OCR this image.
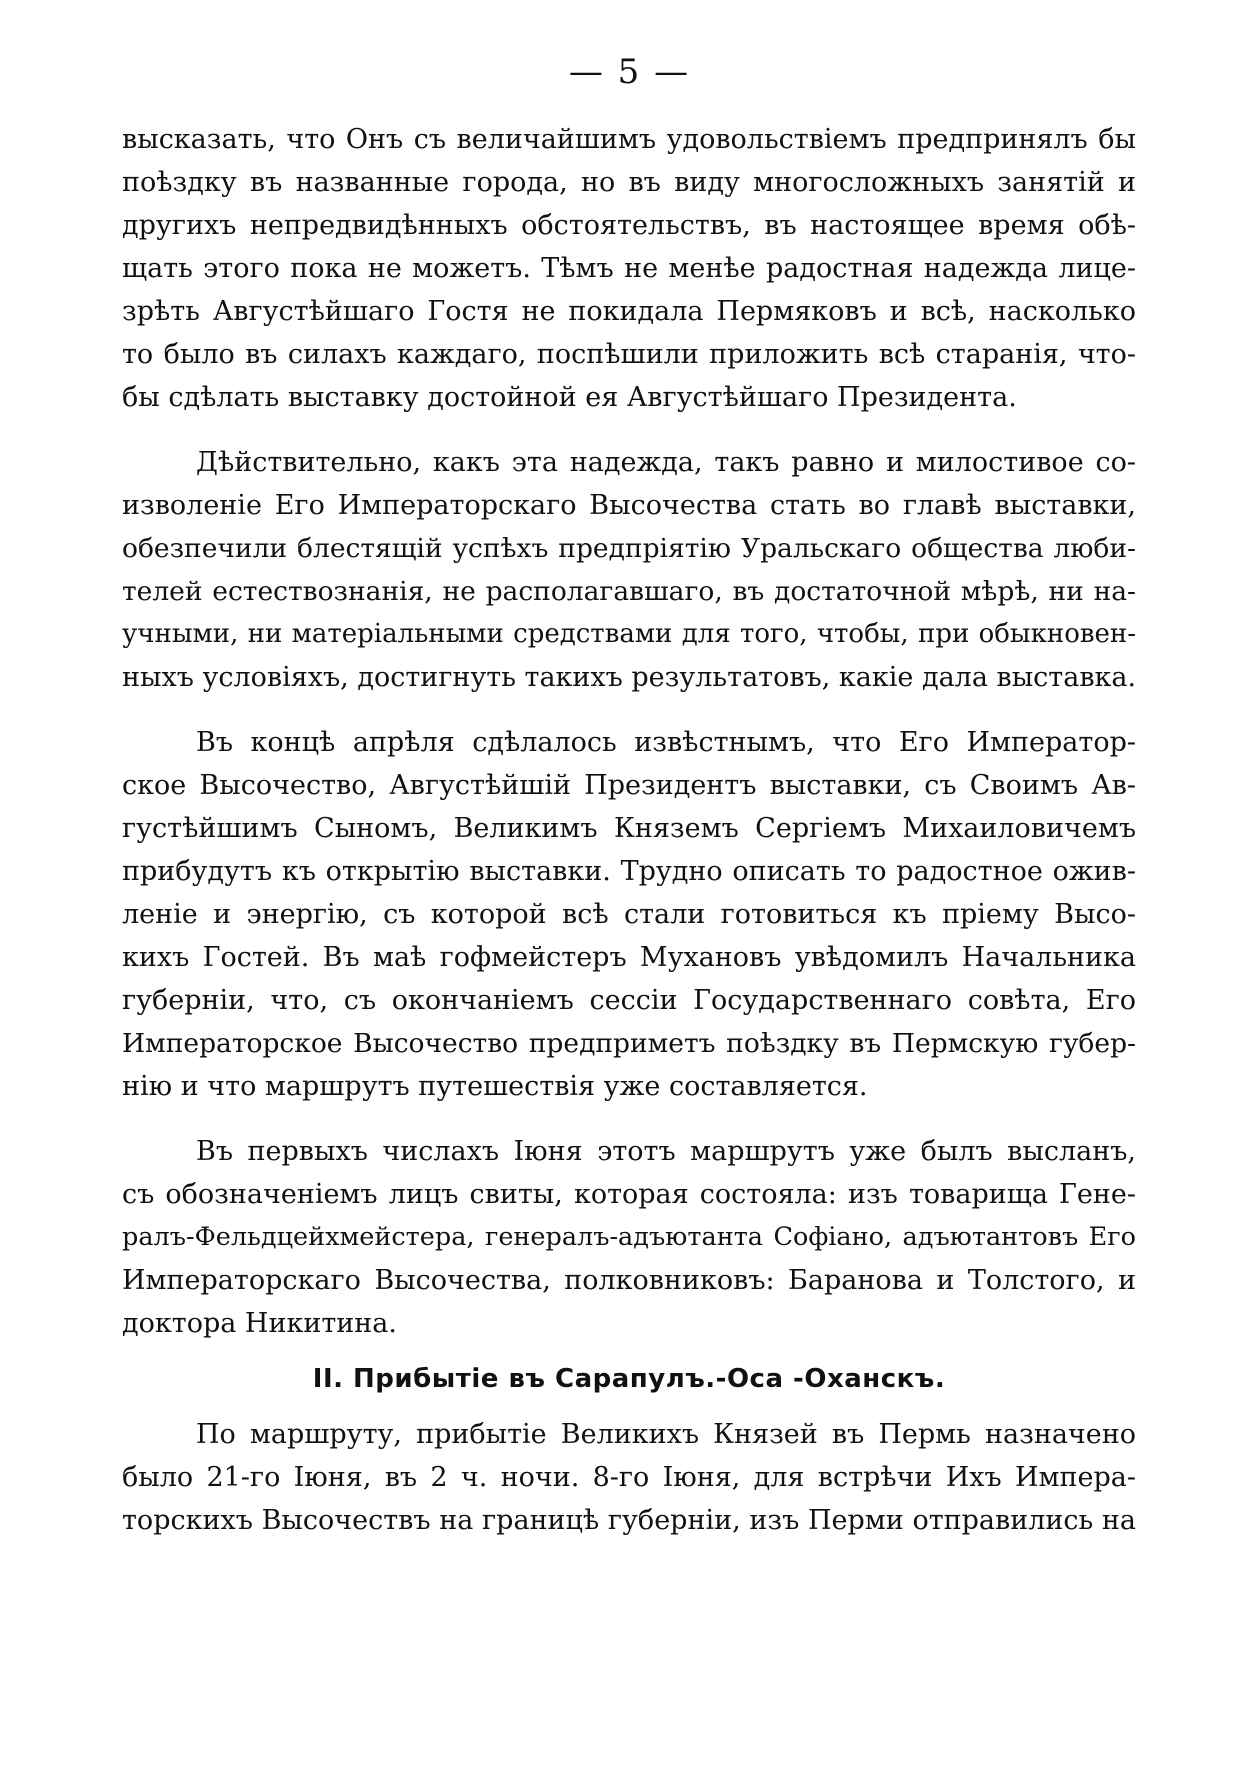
— 5 —
высказать, что Онъ съ величайшимъ удовольствіемъ предпринялъ бы
поѣздку въ названные города, но въ виду многосложныхъ занятій и
другихъ непредвидѣнныхъ обстоятельствъ, въ настоящее время обѣ-
щать этого пока не можетъ. Тѣмъ не менѣе радостная надежда лице-
зрѣть Августѣйшаго Гостя не покидала Пермяковъ и всѣ, насколько
то было въ силахъ каждаго, поспѣшили приложить всѣ старанія, что-
бы сдѣлать выставку достойной ея Августѣйшаго Президента.
Дѣйствительно, какъ эта надежда, такъ равно и милостивое со-
изволеніе Его Императорскаго Высочества стать во главѣ выставки,
обезпечили блестящій успѣхъ предпріятію Уральскаго общества люби-
телей естествознанія, не располагавшаго, въ достаточной мѣрѣ, ни на-
учными, ни матеріальными средствами для того, чтобы, при обыкновен-
ныхъ условіяхъ, достигнуть такихъ результатовъ, какіе дала выставка.
Въ концѣ апрѣля сдѣлалось извѣстнымъ, что Его Император-
ское Высочество, Августѣйшій Президентъ выставки, съ Своимъ Ав-
густѣйшимъ Сыномъ, Великимъ Княземъ Сергіемъ Михаиловичемъ
прибудутъ къ открытію выставки. Трудно описать то радостное ожив-
леніе и энергію, съ которой всѣ стали готовиться къ пріему Высо-
кихъ Гостей. Въ маѣ гофмейстеръ Мухановъ увѣдомилъ Начальника
губерніи, что, съ окончаніемъ сессіи Государственнаго совѣта, Его
Императорское Высочество предприметъ поѣздку въ Пермскую губер-
нію и что маршрутъ путешествія уже составляется.
Въ первыхъ числахъ Іюня этотъ маршрутъ уже былъ высланъ,
съ обозначеніемъ лицъ свиты, которая состояла: изъ товарища Гене-
ралъ-Фельдцейхмейстера, генералъ-адъютанта Софіано, адъютантовъ Его
Императорскаго Высочества, полковниковъ: Баранова и Толстого, и
доктора Никитина.
II. Прибытіе въ Сарапулъ.-Оса -Оханскъ.
По маршруту, прибытіе Великихъ Князей въ Пермь назначено
было 21-го Іюня, въ 2 ч. ночи. 8-го Іюня, для встрѣчи Ихъ Импера-
торскихъ Высочествъ на границѣ губерніи, изъ Перми отправились на
